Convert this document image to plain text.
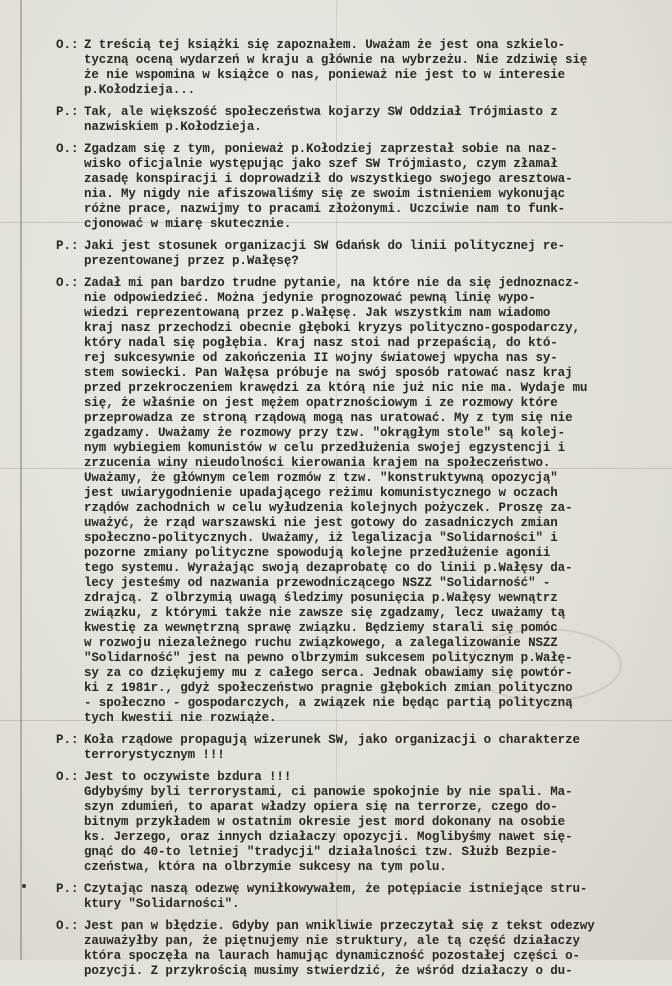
O.: Z treścią tej książki się zapoznałem. Uważam że jest ona szkielo-
tyczną oceną wydarzeń w kraju a głównie na wybrzeżu. Nie zdziwię się
że nie wspomina w książce o nas, ponieważ nie jest to w interesie
p.Kołodzieja...
P.: Tak, ale większość społeczeństwa kojarzy SW Oddział Trójmiasto z
nazwiskiem p.Kołodzieja.
O.: Zgadzam się z tym, ponieważ p.Kołodziej zaprzestał sobie na naz-
wisko oficjalnie występując jako szef SW Trójmiasto, czym złamał
zasadę konspiracji i doprowadził do wszystkiego swojego aresztowa-
nia. My nigdy nie afiszowaliśmy się ze swoim istnieniem wykonując
różne prace, nazwijmy to pracami złożonymi. Uczciwie nam to funk-
cjonować w miarę skutecznie.
P.: Jaki jest stosunek organizacji SW Gdańsk do linii politycznej re-
prezentowanej przez p.Wałęsę?
O.: Zadał mi pan bardzo trudne pytanie, na które nie da się jednoznacz-
nie odpowiedzieć. Można jedynie prognozować pewną linię wypo-
wiedzi reprezentowaną przez p.Wałęsę. Jak wszystkim nam wiadomo
kraj nasz przechodzi obecnie głęboki kryzys polityczno-gospodarczy,
który nadal się pogłębia. Kraj nasz stoi nad przepaścią, do któ-
rej sukcesywnie od zakończenia II wojny światowej wpycha nas sy-
stem sowiecki. Pan Wałęsa próbuje na swój sposób ratować nasz kraj
przed przekroczeniem krawędzi za którą nie już nic nie ma. Wydaje mu
się, że właśnie on jest mężem opatrznościowym i ze rozmowy które
przeprowadza ze stroną rządową mogą nas uratować. My z tym się nie
zgadzamy. Uważamy że rozmowy przy tzw. "okrągłym stole" są kolej-
nym wybiegiem komunistów w celu przedłużenia swojej egzystencji i
zrzucenia winy nieudolności kierowania krajem na społeczeństwo.
Uważamy, że głównym celem rozmów z tzw. "konstruktywną opozycją"
jest uwiarygodnienie upadającego reżimu komunistycznego w oczach
rządów zachodnich w celu wyłudzenia kolejnych pożyczek. Proszę za-
uważyć, że rząd warszawski nie jest gotowy do zasadniczych zmian
społeczno-politycznych. Uważamy, iż legalizacja "Solidarności" i
pozorne zmiany polityczne spowodują kolejne przedłużenie agonii
tego systemu. Wyrażając swoją dezaprobatę co do linii p.Wałęsy da-
lecy jesteśmy od nazwania przewodniczącego NSZZ "Solidarność" -
zdrajcą. Z olbrzymią uwagą śledzimy posunięcia p.Wałęsy wewnątrz
związku, z którymi także nie zawsze się zgadzamy, lecz uważamy tą
kwestię za wewnętrzną sprawę związku. Będziemy starali się pomóc
w rozwoju niezależnego ruchu związkowego, a zalegalizowanie NSZZ
"Solidarność" jest na pewno olbrzymim sukcesem politycznym p.Wałę-
sy za co dziękujemy mu z całego serca. Jednak obawiamy się powtór-
ki z 1981r., gdyż społeczeństwo pragnie głębokich zmian polityczno
- społeczno - gospodarczych, a związek nie będąc partią polityczną
tych kwestii nie rozwiąże.
P.: Koła rządowe propagują wizerunek SW, jako organizacji o charakterze
terrorystycznym !!!
O.: Jest to oczywiste bzdura !!!
Gdybyśmy byli terrorystami, ci panowie spokojnie by nie spali. Ma-
szyn zdumień, to aparat władzy opiera się na terrorze, czego do-
bitnym przykładem w ostatnim okresie jest mord dokonany na osobie
ks. Jerzego, oraz innych działaczy opozycji. Moglibyśmy nawet się-
gnąć do 40-to letniej "tradycji" działalności tzw. Służb Bezpie-
czeństwa, która na olbrzymie sukcesy na tym polu.
P.: Czytając naszą odezwę wyniłkowywałem, że potępiacie istniejące stru-
ktury "Solidarności".
O.: Jest pan w błędzie. Gdyby pan wnikliwie przeczytał się z tekst odezwy
zauważyłby pan, że piętnujemy nie struktury, ale tą część działaczy
która spoczęła na laurach hamując dynamiczność pozostałej części o-
pozycji. Z przykrością musimy stwierdzić, że wśród działaczy o du-
